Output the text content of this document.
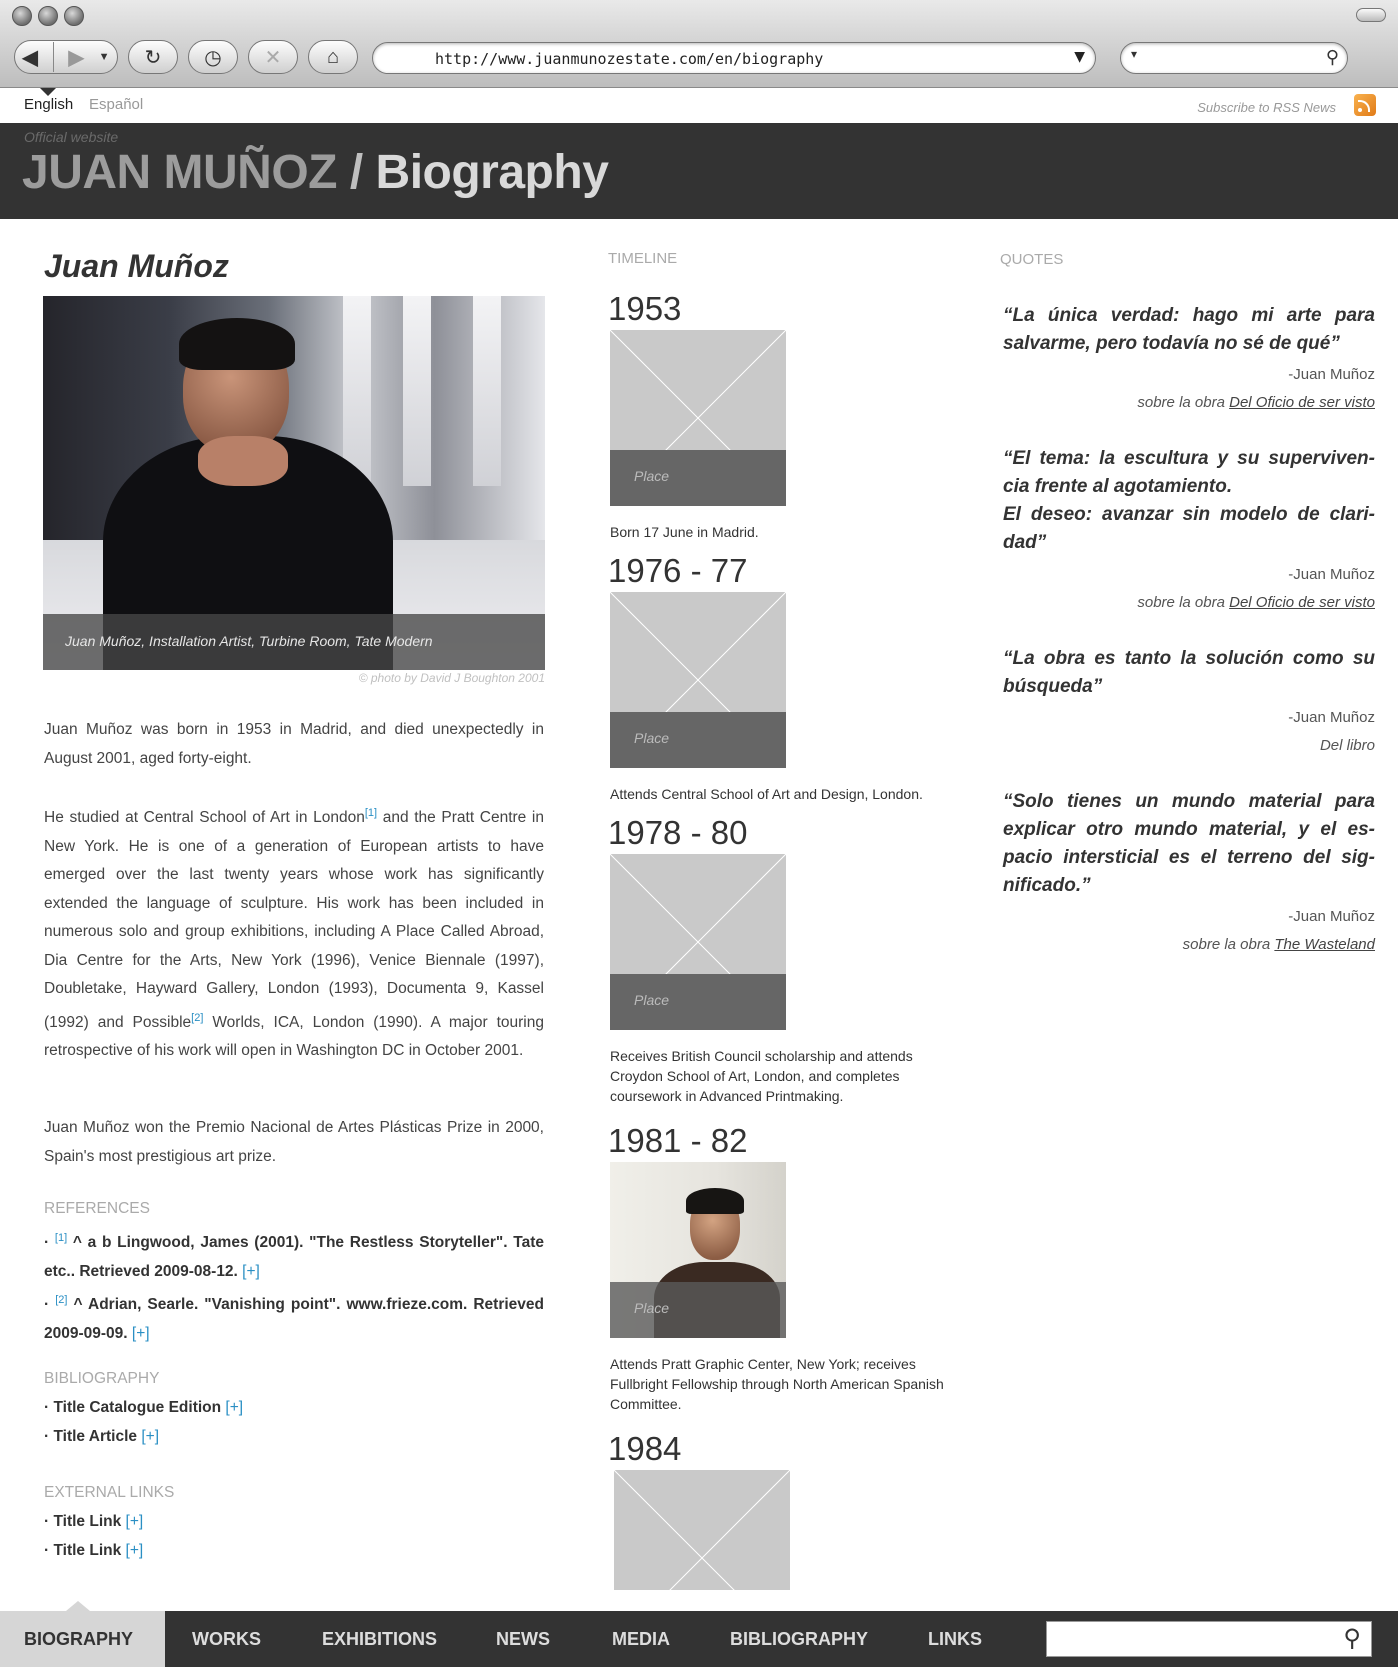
◀ ▶ ▼ ↻ ◷ ✕ ⌂	http://www.juanmunozestate.com/en/biography	▼	▾	⚲
English Español	Subscribe to RSS News
Official website
JUAN MUÑOZ / Biography
Juan Muñoz
Juan Muñoz, Installation Artist, Turbine Room, Tate Modern
© photo by David J Boughton 2001

Juan Muñoz was born in 1953 in Madrid, and died unexpectedly in August 2001, aged forty-eight.

He studied at Central School of Art in London[1] and the Pratt Centre in New York. He is one of a generation of European artists to have emerged over the last twenty years whose work has significantly extended the language of sculpture. His work has been included in numerous solo and group exhibitions, including A Place Called Abroad, Dia Centre for the Arts, New York (1996), Venice Biennale (1997), Doubletake, Hayward Gallery, London (1993), Documenta 9, Kassel (1992) and Possible[2] Worlds, ICA, London (1990). A major touring retrospective of his work will open in Washington DC in October 2001.

Juan Muñoz won the Premio Nacional de Artes Plásticas Prize in 2000, Spain's most prestigious art prize.

REFERENCES
· [1] ^ a b Lingwood, James (2001). "The Restless Storyteller". Tate etc.. Retrieved 2009-08-12. [+]
· [2] ^ Adrian, Searle. "Vanishing point". www.frieze.com. Retrieved 2009-09-09. [+]
BIBLIOGRAPHY
· Title Catalogue Edition [+]
· Title Article [+]
EXTERNAL LINKS
· Title Link [+]
· Title Link [+]
TIMELINE
1953
Place
Born 17 June in Madrid.
1976 - 77
Place
Attends Central School of Art and Design, London.
1978 - 80
Place
Receives British Council scholarship and attends Croydon School of Art, London, and completes coursework in Advanced Printmaking.
1981 - 82
Place
Attends Pratt Graphic Center, New York; receives Fullbright Fellowship through North American Spanish Committee.
1984
QUOTES
“La única verdad: hago mi arte para salvarme, pero todavía no sé de qué”
-Juan Muñoz
sobre la obra Del Oficio de ser visto
“El tema: la escultura y su superviven-cia frente al agotamiento.
El deseo: avanzar sin modelo de clari-dad”
-Juan Muñoz
sobre la obra Del Oficio de ser visto
“La obra es tanto la solución como su búsqueda”
-Juan Muñoz
Del libro
“Solo tienes un mundo material para explicar otro mundo material, y el es-pacio intersticial es el terreno del sig-nificado.”
-Juan Muñoz
sobre la obra The Wasteland
BIOGRAPHY	WORKS	EXHIBITIONS	NEWS	MEDIA	BIBLIOGRAPHY	LINKS	⚲
